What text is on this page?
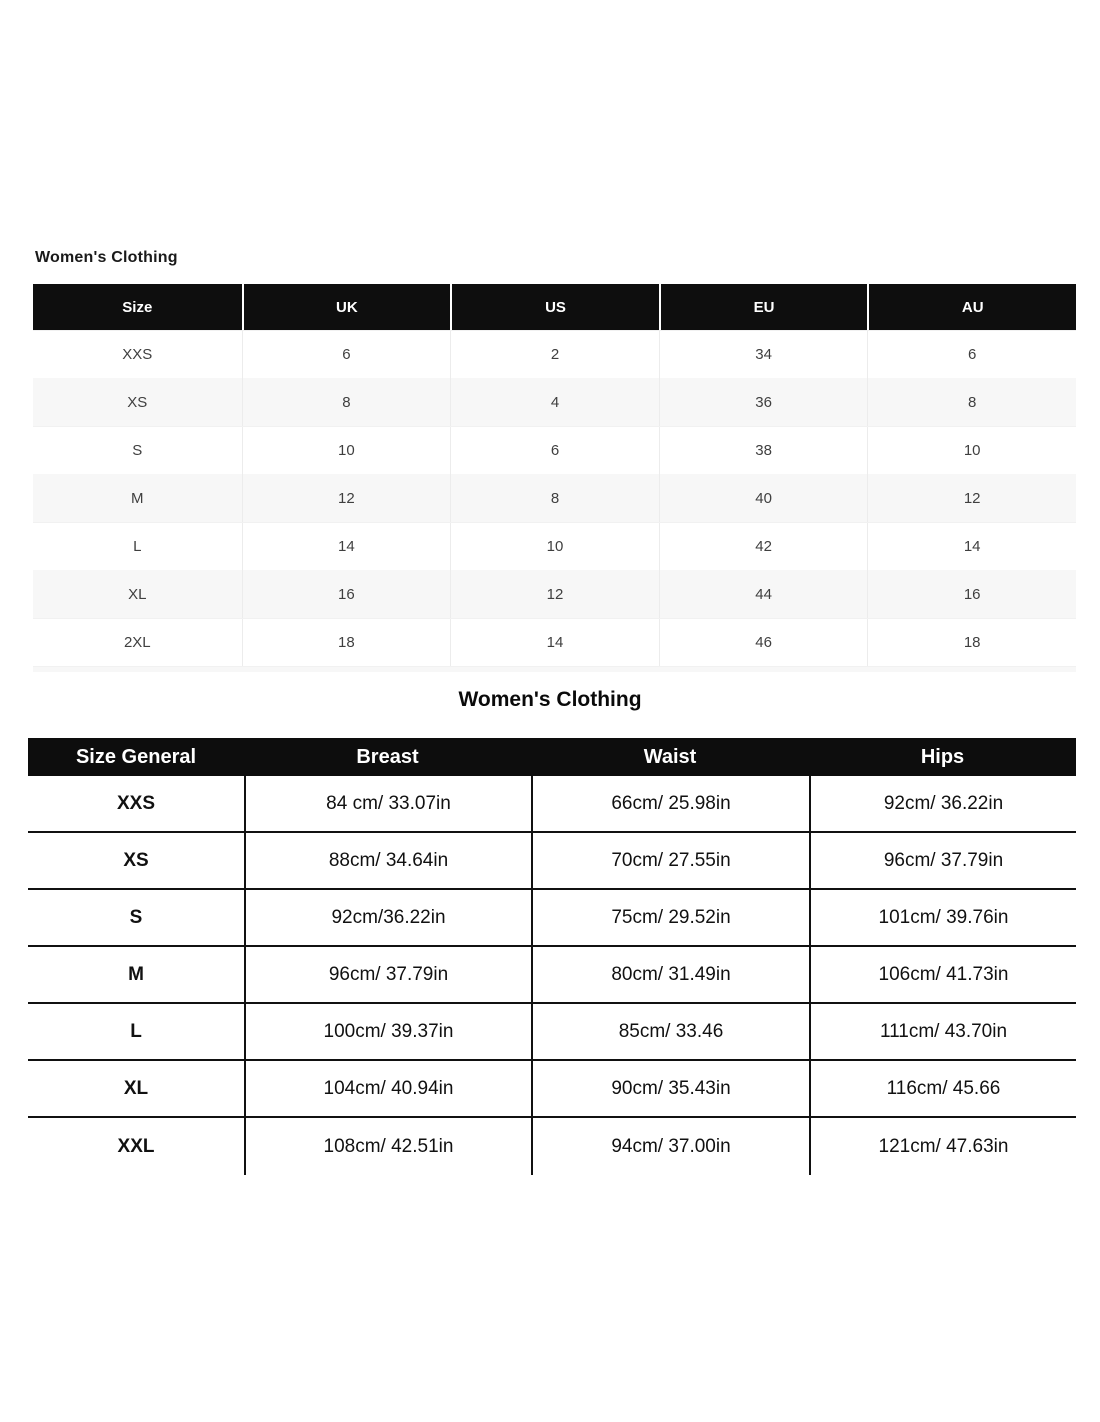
Women's Clothing
Size	UK	US	EU	AU
XXS	6	2	34	6
XS	8	4	36	8
S	10	6	38	10
M	12	8	40	12
L	14	10	42	14
XL	16	12	44	16
2XL	18	14	46	18
Women's Clothing
Size General	Breast	Waist	Hips
XXS	84 cm/ 33.07in	66cm/ 25.98in	92cm/ 36.22in
XS	88cm/ 34.64in	70cm/ 27.55in	96cm/ 37.79in
S	92cm/36.22in	75cm/ 29.52in	101cm/ 39.76in
M	96cm/ 37.79in	80cm/ 31.49in	106cm/ 41.73in
L	100cm/ 39.37in	85cm/ 33.46	111cm/ 43.70in
XL	104cm/ 40.94in	90cm/ 35.43in	116cm/ 45.66
XXL	108cm/ 42.51in	94cm/ 37.00in	121cm/ 47.63in
